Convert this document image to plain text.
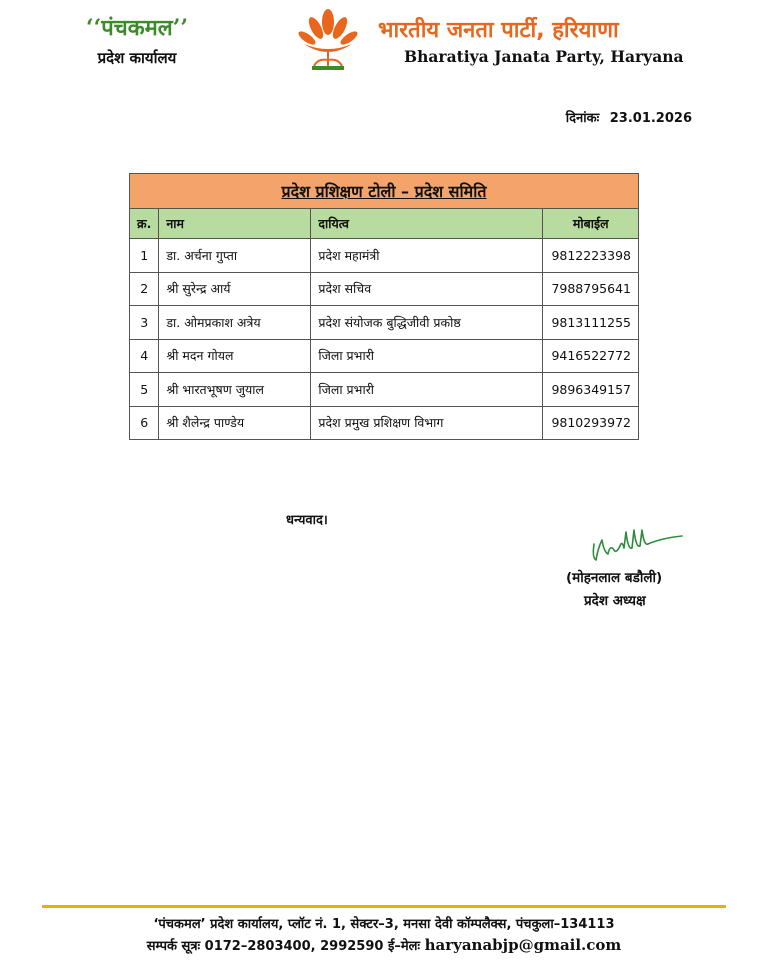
‘‘पंचकमल’’
प्रदेश कार्यालय
भारतीय जनता पार्टी, हरियाणा
Bharatiya Janata Party, Haryana
दिनांकः 23.01.2026
प्रदेश प्रशिक्षण टोली – प्रदेश समिति			
क्र.	नाम	दायित्व	मोबाईल
1	डा. अर्चना गुप्ता	प्रदेश महामंत्री	9812223398
2	श्री सुरेन्द्र आर्य	प्रदेश सचिव	7988795641
3	डा. ओमप्रकाश अत्रेय	प्रदेश संयोजक बुद्धिजीवी प्रकोष्ठ	9813111255
4	श्री मदन गोयल	जिला प्रभारी	9416522772
5	श्री भारतभूषण जुयाल	जिला प्रभारी	9896349157
6	श्री शैलेन्द्र पाण्डेय	प्रदेश प्रमुख प्रशिक्षण विभाग	9810293972
धन्यवाद।
(मोहनलाल बडौली)
प्रदेश अध्यक्ष
‘पंचकमल’ प्रदेश कार्यालय, प्लॉट नं. 1, सेक्टर–3, मनसा देवी कॉम्पलैक्स, पंचकुला–134113
सम्पर्क सूत्रः 0172–2803400, 2992590 ई–मेलः haryanabjp@gmail.com
